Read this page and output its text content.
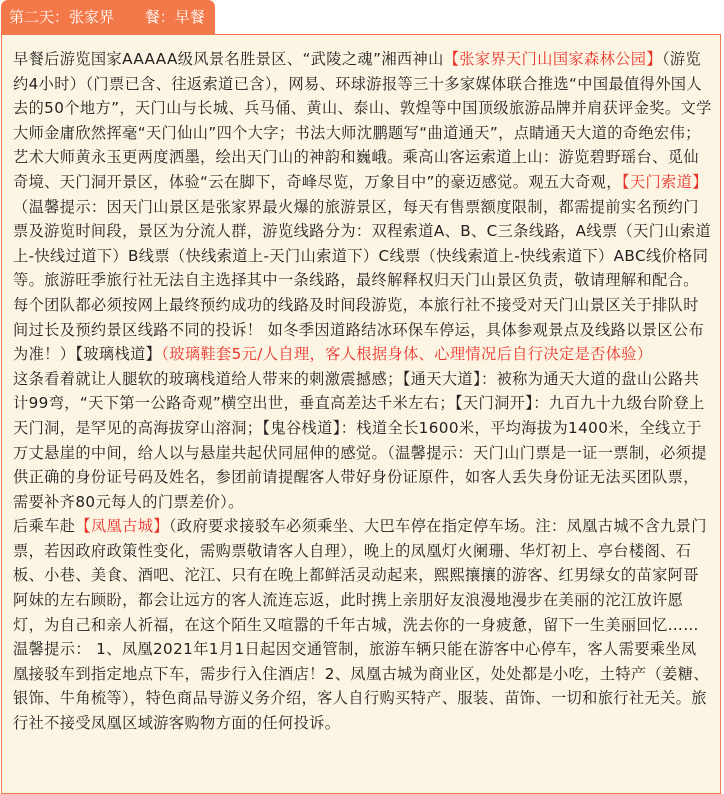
第二天：张家界 餐：早餐

早餐后游览国家AAAAA级风景名胜景区、“武陵之魂”湘西神山【张家界天门山国家森林公园】（游览约4小时）（门票已含、往返索道已含），网易、环球游报等三十多家媒体联合推选“中国最值得外国人去的50个地方”，天门山与长城、兵马俑、黄山、泰山、敦煌等中国顶级旅游品牌并肩获评金奖。文学大师金庸欣然挥毫“天门仙山”四个大字；书法大师沈鹏题写“曲道通天”，点睛通天大道的奇绝宏伟；艺术大师黄永玉更两度洒墨，绘出天门山的神韵和巍峨。乘高山客运索道上山：游览碧野瑶台、觅仙奇境、天门洞开景区，体验“云在脚下，奇峰尽览，万象目中”的豪迈感觉。观五大奇观，【天门索道】（温馨提示：因天门山景区是张家界最火爆的旅游景区，每天有售票额度限制，都需提前实名预约门票及游览时间段，景区为分流人群，游览线路分为：双程索道A、B、C三条线路，A线票（天门山索道上-快线过道下）B线票（快线索道上-天门山索道下）C线票（快线索道上-快线索道下）ABC线价格同等。旅游旺季旅行社无法自主选择其中一条线路，最终解释权归天门山景区负责，敬请理解和配合。每个团队都必须按网上最终预约成功的线路及时间段游览，本旅行社不接受对天门山景区关于排队时间过长及预约景区线路不同的投诉！ 如冬季因道路结冰环保车停运，具体参观景点及线路以景区公布为准！）【玻璃栈道】（玻璃鞋套5元/人自理，客人根据身体、心理情况后自行决定是否体验）

这条看着就让人腿软的玻璃栈道给人带来的刺激震撼感；【通天大道】：被称为通天大道的盘山公路共计99弯，“天下第一公路奇观”横空出世，垂直高差达千米左右；【天门洞开】：九百九十九级台阶登上天门洞，是罕见的高海拔穿山溶洞；【鬼谷栈道】：栈道全长1600米，平均海拔为1400米，全线立于万丈悬崖的中间，给人以与悬崖共起伏同屈伸的感觉。（温馨提示：天门山门票是一证一票制，必须提供正确的身份证号码及姓名，参团前请提醒客人带好身份证原件，如客人丢失身份证无法买团队票，需要补齐80元每人的门票差价）。

后乘车赴【凤凰古城】（政府要求接驳车必须乘坐、大巴车停在指定停车场。注：凤凰古城不含九景门票，若因政府政策性变化，需购票敬请客人自理），晚上的凤凰灯火阑珊、华灯初上、亭台楼阁、石板、小巷、美食、酒吧、沱江、只有在晚上都鲜活灵动起来，熙熙攘攘的游客、红男绿女的苗家阿哥阿妹的左右顾盼，都会让远方的客人流连忘返，此时携上亲朋好友浪漫地漫步在美丽的沱江放许愿灯，为自己和亲人祈福，在这个陌生又喧嚣的千年古城，洗去你的一身疲惫，留下一生美丽回忆……温馨提示： 1、凤凰2021年1月1日起因交通管制，旅游车辆只能在游客中心停车，客人需要乘坐凤凰接驳车到指定地点下车，需步行入住酒店！2、凤凰古城为商业区，处处都是小吃，土特产（姜糖、银饰、牛角梳等），特色商品导游义务介绍，客人自行购买特产、服装、苗饰、一切和旅行社无关。旅行社不接受凤凰区域游客购物方面的任何投诉。
